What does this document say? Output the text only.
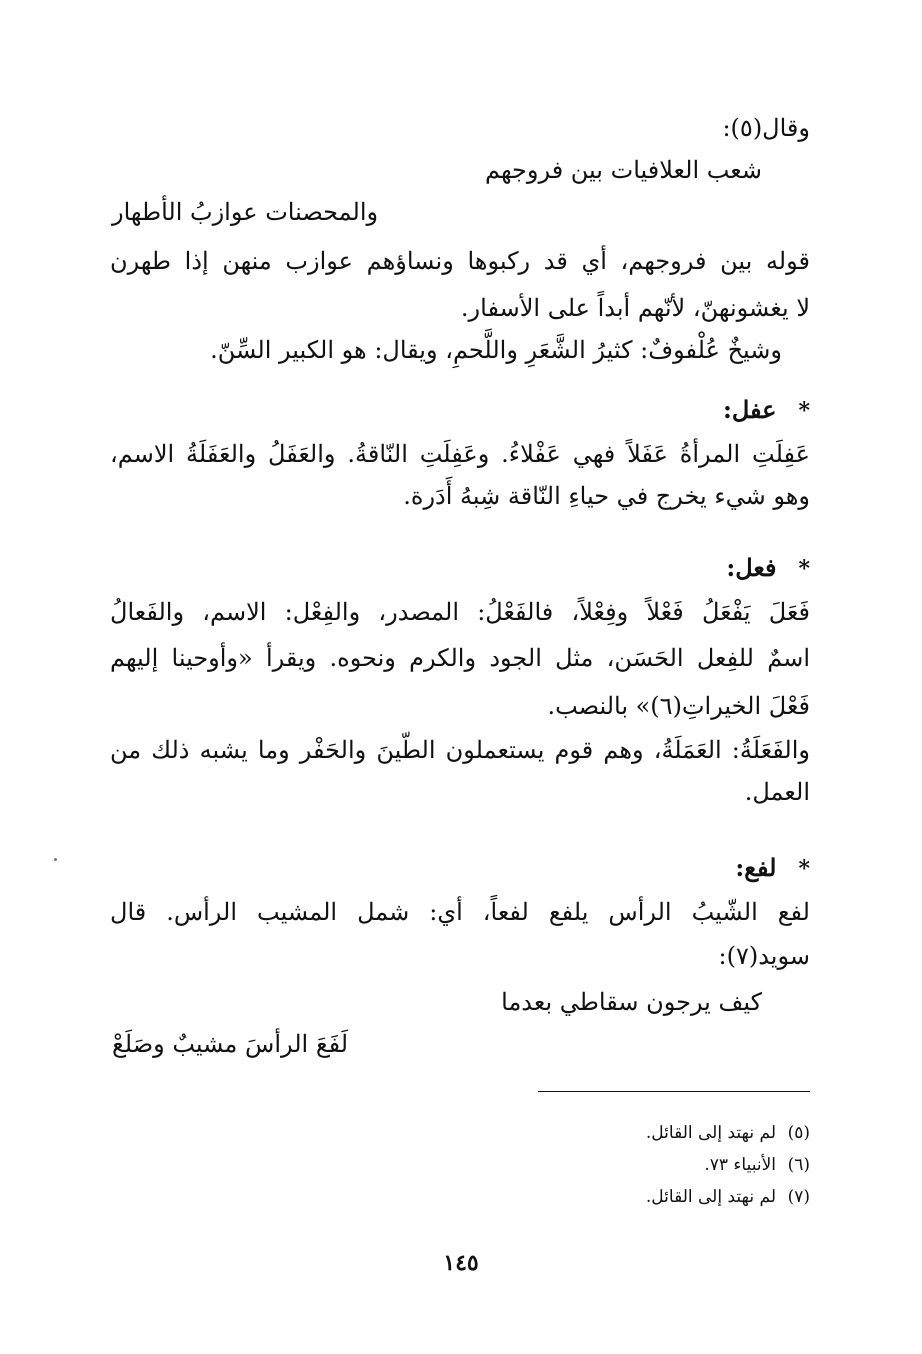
وقال(٥):
شعب العلافيات بين فروجهم
والمحصنات عوازبُ الأطهار
قوله بين فروجهم، أي قد ركبوها ونساؤهم عوازب منهن إذا طهرن
لا يغشونهنّ، لأنّهم أبداً على الأسفار.
وشيخٌ عُلْفوفٌ: كثيرُ الشَّعَرِ واللَّحمِ، ويقال: هو الكبير السِّنّ.
*عفل:
عَفِلَتِ المرأةُ عَفَلاً فهي عَفْلاءُ. وعَفِلَتِ النّاقةُ. والعَفَلُ والعَفَلَةُ الاسم،
وهو شيء يخرج في حياءِ النّاقة شِبهُ أَدَرة.
*فعل:
فَعَلَ يَفْعَلُ فَعْلاً وفِعْلاً، فالفَعْلُ: المصدر، والفِعْل: الاسم، والفَعالُ
اسمٌ للفِعل الحَسَن، مثل الجود والكرم ونحوه. ويقرأ «وأوحينا إليهم
فَعْلَ الخيراتِ(٦)» بالنصب.
والفَعَلَةُ: العَمَلَةُ، وهم قوم يستعملون الطّينَ والحَفْر وما يشبه ذلك من
العمل.
*لفع:
لفع الشّيبُ الرأس يلفع لفعاً، أي: شمل المشيب الرأس. قال
سويد(٧):
كيف يرجون سقاطي بعدما
لَفَعَ الرأسَ مشيبٌ وصَلَعْ
(٥)لم نهتد إلى القائل.
(٦)الأنبياء ٧٣.
(٧)لم نهتد إلى القائل.
١٤٥
